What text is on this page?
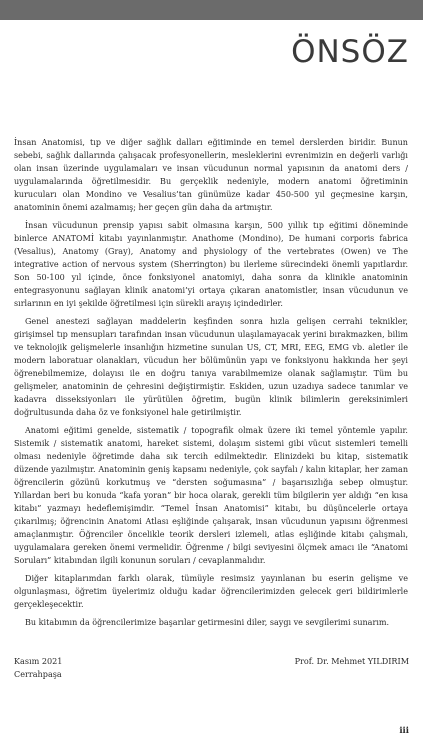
ÖNSÖZ

İnsan Anatomisi, tıp ve diğer sağlık dalları eğitiminde en temel derslerden biridir. Bunun sebebi, sağlık dallarında çalışacak profesyonellerin, mesleklerini evrenimizin en değerli varlığı olan insan üzerinde uygulamaları ve insan vücudunun normal yapısının da anatomi ders / uygulamalarında öğretilmesidir. Bu gerçeklik nedeniyle, modern anatomi öğretiminin kurucuları olan Mondino ve Vesalius’tan günümüze kadar 450-500 yıl geçmesine karşın, anatominin önemi azalmamış; her geçen gün daha da artmıştır.

İnsan vücudunun prensip yapısı sabit olmasına karşın, 500 yıllık tıp eğitimi döneminde binlerce ANATOMİ kitabı yayınlanmıştır. Anathome (Mondino), De humani corporis fabrica (Vesalius), Anatomy (Gray), Anatomy and physiology of the vertebrates (Owen) ve The integrative action of nervous system (Sherrington) bu ilerleme sürecindeki önemli yapıtlardır. Son 50-100 yıl içinde, önce fonksiyonel anatomiyi, daha sonra da klinikle anatominin entegrasyonunu sağlayan klinik anatomi’yi ortaya çıkaran anatomistler, insan vücudunun ve sırlarının en iyi şekilde öğretilmesi için sürekli arayış içindedirler.

Genel anestezi sağlayan maddelerin keşfinden sonra hızla gelişen cerrahi teknikler, girişimsel tıp mensupları tarafından insan vücudunun ulaşılamayacak yerini bırakmazken, bilim ve teknolojik gelişmelerle insanlığın hizmetine sunulan US, CT, MRI, EEG, EMG vb. aletler ile modern laboratuar olanakları, vücudun her bölümünün yapı ve fonksiyonu hakkında her şeyi öğrenebilmemize, dolayısı ile en doğru tanıya varabilmemize olanak sağlamıştır. Tüm bu gelişmeler, anatominin de çehresini değiştirmiştir. Eskiden, uzun uzadıya sadece tanımlar ve kadavra disseksiyonları ile yürütülen öğretim, bugün klinik bilimlerin gereksinimleri doğrultusunda daha öz ve fonksiyonel hale getirilmiştir.

Anatomi eğitimi genelde, sistematik / topografik olmak üzere iki temel yöntemle yapılır. Sistemik / sistematik anatomi, hareket sistemi, dolaşım sistemi gibi vücut sistemleri temelli olması nedeniyle öğretimde daha sık tercih edilmektedir. Elinizdeki bu kitap, sistematik düzende yazılmıştır. Anatominin geniş kapsamı nedeniyle, çok sayfalı / kalın kitaplar, her zaman öğrencilerin gözünü korkutmuş ve “dersten soğumasına” / başarısızlığa sebep olmuştur. Yıllardan beri bu konuda “kafa yoran” bir hoca olarak, gerekli tüm bilgilerin yer aldığı “en kısa kitabı” yazmayı hedeflemişimdir. “Temel İnsan Anatomisi” kitabı, bu düşüncelerle ortaya çıkarılmış; öğrencinin Anatomi Atlası eşliğinde çalışarak, insan vücudunun yapısını öğrenmesi amaçlanmıştır. Öğrenciler öncelikle teorik dersleri izlemeli, atlas eşliğinde kitabı çalışmalı, uygulamalara gereken önemi vermelidir. Öğrenme / bilgi seviyesini ölçmek amacı ile “Anatomi Soruları” kitabından ilgili konunun soruları / cevaplanmalıdır.

Diğer kitaplarımdan farklı olarak, tümüyle resimsiz yayınlanan bu eserin gelişme ve olgunlaşması, öğretim üyelerimiz olduğu kadar öğrencilerimizden gelecek geri bildirimlerle gerçekleşecektir.

Bu kitabımın da öğrencilerimize başarılar getirmesini diler, saygı ve sevgilerimi sunarım.

Kasım 2021
Cerrahpaşa
Prof. Dr. Mehmet YILDIRIM
iii
